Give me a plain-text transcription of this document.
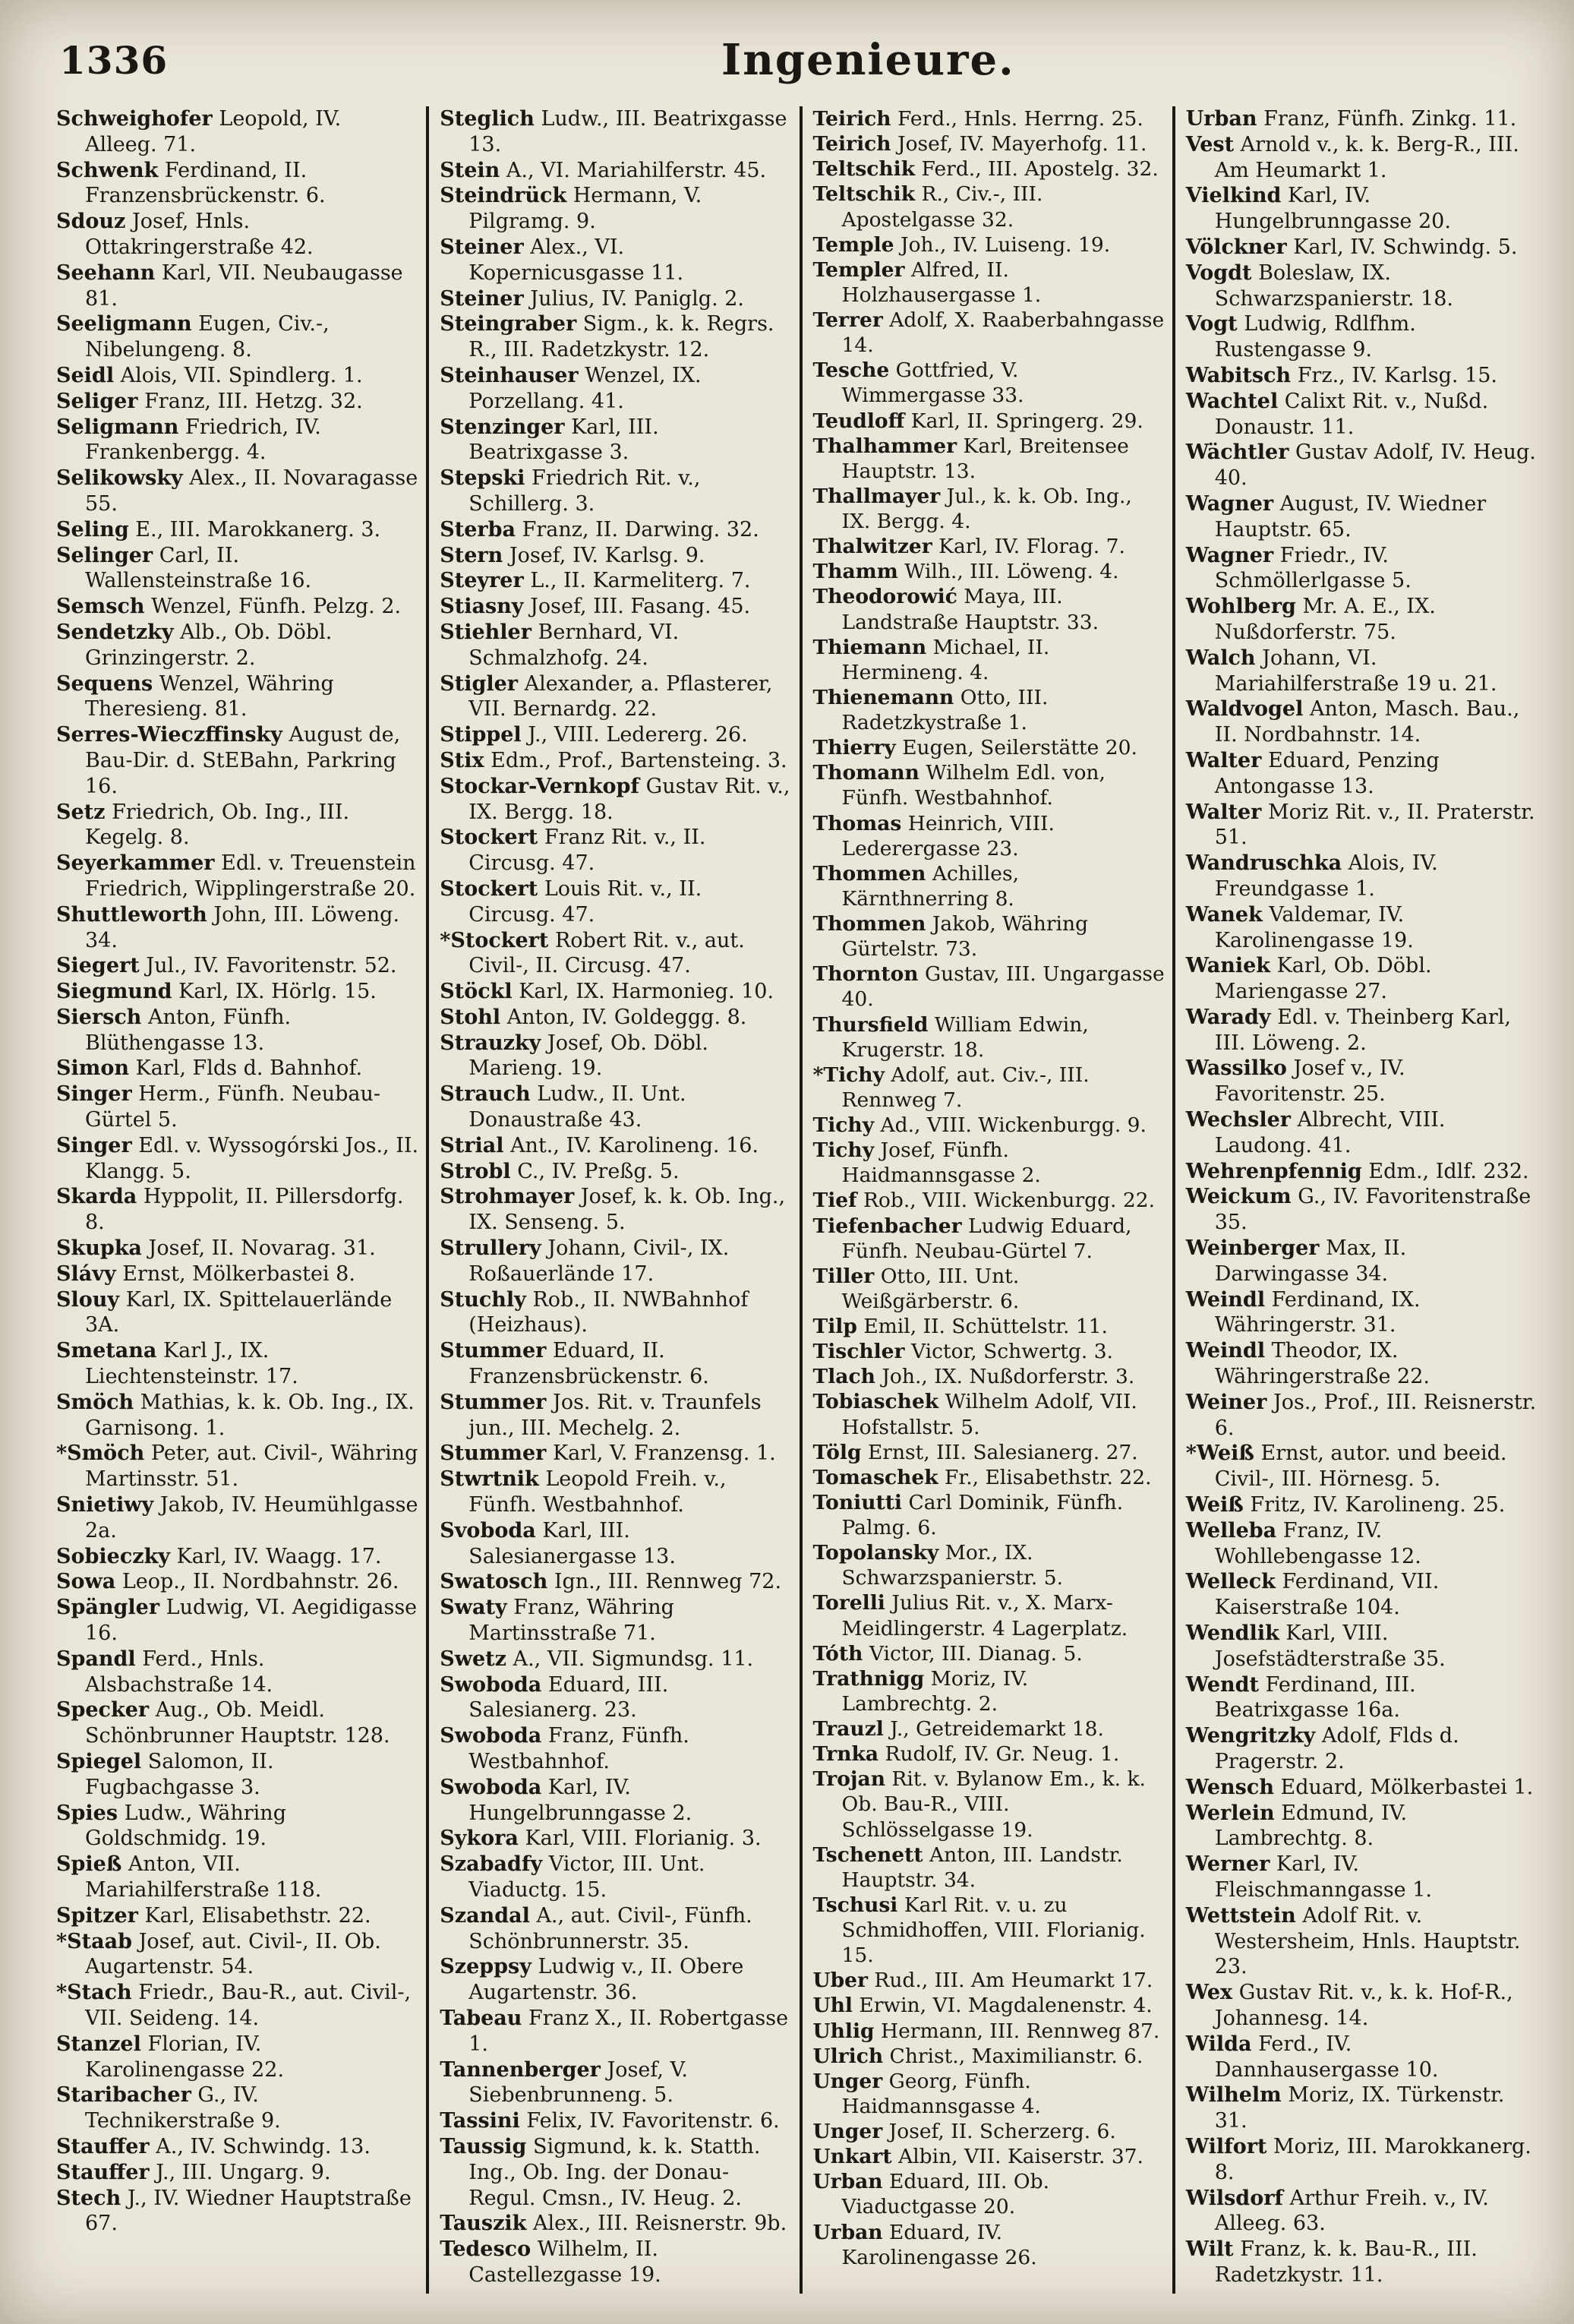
1336	Ingenieure.

Schweighofer Leopold, IV. Alleeg. 71.

Schwenk Ferdinand, II. Franzensbrückenstr. 6.

Sdouz Josef, Hnls. Ottakringerstraße 42.

Seehann Karl, VII. Neubaugasse 81.

Seeligmann Eugen, Civ.-, Nibelungeng. 8.

Seidl Alois, VII. Spindlerg. 1.

Seliger Franz, III. Hetzg. 32.

Seligmann Friedrich, IV. Frankenbergg. 4.

Selikowsky Alex., II. Novaragasse 55.

Seling E., III. Marokkanerg. 3.

Selinger Carl, II. Wallensteinstraße 16.

Semsch Wenzel, Fünfh. Pelzg. 2.

Sendetzky Alb., Ob. Döbl. Grinzingerstr. 2.

Sequens Wenzel, Währing Theresieng. 81.

Serres-Wieczffinsky August de, Bau-Dir. d. StEBahn, Parkring 16.

Setz Friedrich, Ob. Ing., III. Kegelg. 8.

Seyerkammer Edl. v. Treuenstein Friedrich, Wipplingerstraße 20.

Shuttleworth John, III. Löweng. 34.

Siegert Jul., IV. Favoritenstr. 52.

Siegmund Karl, IX. Hörlg. 15.

Siersch Anton, Fünfh. Blüthengasse 13.

Simon Karl, Flds d. Bahnhof.

Singer Herm., Fünfh. Neubau-Gürtel 5.

Singer Edl. v. Wyssogórski Jos., II. Klangg. 5.

Skarda Hyppolit, II. Pillersdorfg. 8.

Skupka Josef, II. Novarag. 31.

Slávy Ernst, Mölkerbastei 8.

Slouy Karl, IX. Spittelauerlände 3A.

Smetana Karl J., IX. Liechtensteinstr. 17.

Smöch Mathias, k. k. Ob. Ing., IX. Garnisong. 1.

*Smöch Peter, aut. Civil-, Währing Martinsstr. 51.

Snietiwy Jakob, IV. Heumühlgasse 2a.

Sobieczky Karl, IV. Waagg. 17.

Sowa Leop., II. Nordbahnstr. 26.

Spängler Ludwig, VI. Aegidigasse 16.

Spandl Ferd., Hnls. Alsbachstraße 14.

Specker Aug., Ob. Meidl. Schönbrunner Hauptstr. 128.

Spiegel Salomon, II. Fugbachgasse 3.

Spies Ludw., Währing Goldschmidg. 19.

Spieß Anton, VII. Mariahilferstraße 118.

Spitzer Karl, Elisabethstr. 22.

*Staab Josef, aut. Civil-, II. Ob. Augartenstr. 54.

*Stach Friedr., Bau-R., aut. Civil-, VII. Seideng. 14.

Stanzel Florian, IV. Karolinengasse 22.

Staribacher G., IV. Technikerstraße 9.

Stauffer A., IV. Schwindg. 13.

Stauffer J., III. Ungarg. 9.

Stech J., IV. Wiedner Hauptstraße 67.

Steglich Ludw., III. Beatrixgasse 13.

Stein A., VI. Mariahilferstr. 45.

Steindrück Hermann, V. Pilgramg. 9.

Steiner Alex., VI. Kopernicusgasse 11.

Steiner Julius, IV. Paniglg. 2.

Steingraber Sigm., k. k. Regrs. R., III. Radetzkystr. 12.

Steinhauser Wenzel, IX. Porzellang. 41.

Stenzinger Karl, III. Beatrixgasse 3.

Stepski Friedrich Rit. v., Schillerg. 3.

Sterba Franz, II. Darwing. 32.

Stern Josef, IV. Karlsg. 9.

Steyrer L., II. Karmeliterg. 7.

Stiasny Josef, III. Fasang. 45.

Stiehler Bernhard, VI. Schmalzhofg. 24.

Stigler Alexander, a. Pflasterer, VII. Bernardg. 22.

Stippel J., VIII. Ledererg. 26.

Stix Edm., Prof., Bartensteing. 3.

Stockar-Vernkopf Gustav Rit. v., IX. Bergg. 18.

Stockert Franz Rit. v., II. Circusg. 47.

Stockert Louis Rit. v., II. Circusg. 47.

*Stockert Robert Rit. v., aut. Civil-, II. Circusg. 47.

Stöckl Karl, IX. Harmonieg. 10.

Stohl Anton, IV. Goldeggg. 8.

Strauzky Josef, Ob. Döbl. Marieng. 19.

Strauch Ludw., II. Unt. Donaustraße 43.

Strial Ant., IV. Karolineng. 16.

Strobl C., IV. Preßg. 5.

Strohmayer Josef, k. k. Ob. Ing., IX. Senseng. 5.

Strullery Johann, Civil-, IX. Roßauerlände 17.

Stuchly Rob., II. NWBahnhof (Heizhaus).

Stummer Eduard, II. Franzensbrückenstr. 6.

Stummer Jos. Rit. v. Traunfels jun., III. Mechelg. 2.

Stummer Karl, V. Franzensg. 1.

Stwrtnik Leopold Freih. v., Fünfh. Westbahnhof.

Svoboda Karl, III. Salesianergasse 13.

Swatosch Ign., III. Rennweg 72.

Swaty Franz, Währing Martinsstraße 71.

Swetz A., VII. Sigmundsg. 11.

Swoboda Eduard, III. Salesianerg. 23.

Swoboda Franz, Fünfh. Westbahnhof.

Swoboda Karl, IV. Hungelbrunngasse 2.

Sykora Karl, VIII. Florianig. 3.

Szabadfy Victor, III. Unt. Viaductg. 15.

Szandal A., aut. Civil-, Fünfh. Schönbrunnerstr. 35.

Szeppsy Ludwig v., II. Obere Augartenstr. 36.

Tabeau Franz X., II. Robertgasse 1.

Tannenberger Josef, V. Siebenbrunneng. 5.

Tassini Felix, IV. Favoritenstr. 6.

Taussig Sigmund, k. k. Statth. Ing., Ob. Ing. der Donau-Regul. Cmsn., IV. Heug. 2.

Tauszik Alex., III. Reisnerstr. 9b.

Tedesco Wilhelm, II. Castellezgasse 19.

Teirich Ferd., Hnls. Herrng. 25.

Teirich Josef, IV. Mayerhofg. 11.

Teltschik Ferd., III. Apostelg. 32.

Teltschik R., Civ.-, III. Apostelgasse 32.

Temple Joh., IV. Luiseng. 19.

Templer Alfred, II. Holzhausergasse 1.

Terrer Adolf, X. Raaberbahngasse 14.

Tesche Gottfried, V. Wimmergasse 33.

Teudloff Karl, II. Springerg. 29.

Thalhammer Karl, Breitensee Hauptstr. 13.

Thallmayer Jul., k. k. Ob. Ing., IX. Bergg. 4.

Thalwitzer Karl, IV. Florag. 7.

Thamm Wilh., III. Löweng. 4.

Theodorowić Maya, III. Landstraße Hauptstr. 33.

Thiemann Michael, II. Hermineng. 4.

Thienemann Otto, III. Radetzkystraße 1.

Thierry Eugen, Seilerstätte 20.

Thomann Wilhelm Edl. von, Fünfh. Westbahnhof.

Thomas Heinrich, VIII. Lederergasse 23.

Thommen Achilles, Kärnthnerring 8.

Thommen Jakob, Währing Gürtelstr. 73.

Thornton Gustav, III. Ungargasse 40.

Thursfield William Edwin, Krugerstr. 18.

*Tichy Adolf, aut. Civ.-, III. Rennweg 7.

Tichy Ad., VIII. Wickenburgg. 9.

Tichy Josef, Fünfh. Haidmannsgasse 2.

Tief Rob., VIII. Wickenburgg. 22.

Tiefenbacher Ludwig Eduard, Fünfh. Neubau-Gürtel 7.

Tiller Otto, III. Unt. Weißgärberstr. 6.

Tilp Emil, II. Schüttelstr. 11.

Tischler Victor, Schwertg. 3.

Tlach Joh., IX. Nußdorferstr. 3.

Tobiaschek Wilhelm Adolf, VII. Hofstallstr. 5.

Tölg Ernst, III. Salesianerg. 27.

Tomaschek Fr., Elisabethstr. 22.

Toniutti Carl Dominik, Fünfh. Palmg. 6.

Topolansky Mor., IX. Schwarzspanierstr. 5.

Torelli Julius Rit. v., X. Marx-Meidlingerstr. 4 Lagerplatz.

Tóth Victor, III. Dianag. 5.

Trathnigg Moriz, IV. Lambrechtg. 2.

Trauzl J., Getreidemarkt 18.

Trnka Rudolf, IV. Gr. Neug. 1.

Trojan Rit. v. Bylanow Em., k. k. Ob. Bau-R., VIII. Schlösselgasse 19.

Tschenett Anton, III. Landstr. Hauptstr. 34.

Tschusi Karl Rit. v. u. zu Schmidhoffen, VIII. Florianig. 15.

Uber Rud., III. Am Heumarkt 17.

Uhl Erwin, VI. Magdalenenstr. 4.

Uhlig Hermann, III. Rennweg 87.

Ulrich Christ., Maximilianstr. 6.

Unger Georg, Fünfh. Haidmannsgasse 4.

Unger Josef, II. Scherzerg. 6.

Unkart Albin, VII. Kaiserstr. 37.

Urban Eduard, III. Ob. Viaductgasse 20.

Urban Eduard, IV. Karolinengasse 26.

Urban Franz, Fünfh. Zinkg. 11.

Vest Arnold v., k. k. Berg-R., III. Am Heumarkt 1.

Vielkind Karl, IV. Hungelbrunngasse 20.

Völckner Karl, IV. Schwindg. 5.

Vogdt Boleslaw, IX. Schwarzspanierstr. 18.

Vogt Ludwig, Rdlfhm. Rustengasse 9.

Wabitsch Frz., IV. Karlsg. 15.

Wachtel Calixt Rit. v., Nußd. Donaustr. 11.

Wächtler Gustav Adolf, IV. Heug. 40.

Wagner August, IV. Wiedner Hauptstr. 65.

Wagner Friedr., IV. Schmöllerlgasse 5.

Wohlberg Mr. A. E., IX. Nußdorferstr. 75.

Walch Johann, VI. Mariahilferstraße 19 u. 21.

Waldvogel Anton, Masch. Bau., II. Nordbahnstr. 14.

Walter Eduard, Penzing Antongasse 13.

Walter Moriz Rit. v., II. Praterstr. 51.

Wandruschka Alois, IV. Freundgasse 1.

Wanek Valdemar, IV. Karolinengasse 19.

Waniek Karl, Ob. Döbl. Mariengasse 27.

Warady Edl. v. Theinberg Karl, III. Löweng. 2.

Wassilko Josef v., IV. Favoritenstr. 25.

Wechsler Albrecht, VIII. Laudong. 41.

Wehrenpfennig Edm., Idlf. 232.

Weickum G., IV. Favoritenstraße 35.

Weinberger Max, II. Darwingasse 34.

Weindl Ferdinand, IX. Währingerstr. 31.

Weindl Theodor, IX. Währingerstraße 22.

Weiner Jos., Prof., III. Reisnerstr. 6.

*Weiß Ernst, autor. und beeid. Civil-, III. Hörnesg. 5.

Weiß Fritz, IV. Karolineng. 25.

Welleba Franz, IV. Wohllebengasse 12.

Welleck Ferdinand, VII. Kaiserstraße 104.

Wendlik Karl, VIII. Josefstädterstraße 35.

Wendt Ferdinand, III. Beatrixgasse 16a.

Wengritzky Adolf, Flds d. Pragerstr. 2.

Wensch Eduard, Mölkerbastei 1.

Werlein Edmund, IV. Lambrechtg. 8.

Werner Karl, IV. Fleischmanngasse 1.

Wettstein Adolf Rit. v. Westersheim, Hnls. Hauptstr. 23.

Wex Gustav Rit. v., k. k. Hof-R., Johannesg. 14.

Wilda Ferd., IV. Dannhausergasse 10.

Wilhelm Moriz, IX. Türkenstr. 31.

Wilfort Moriz, III. Marokkanerg. 8.

Wilsdorf Arthur Freih. v., IV. Alleeg. 63.

Wilt Franz, k. k. Bau-R., III. Radetzkystr. 11.
